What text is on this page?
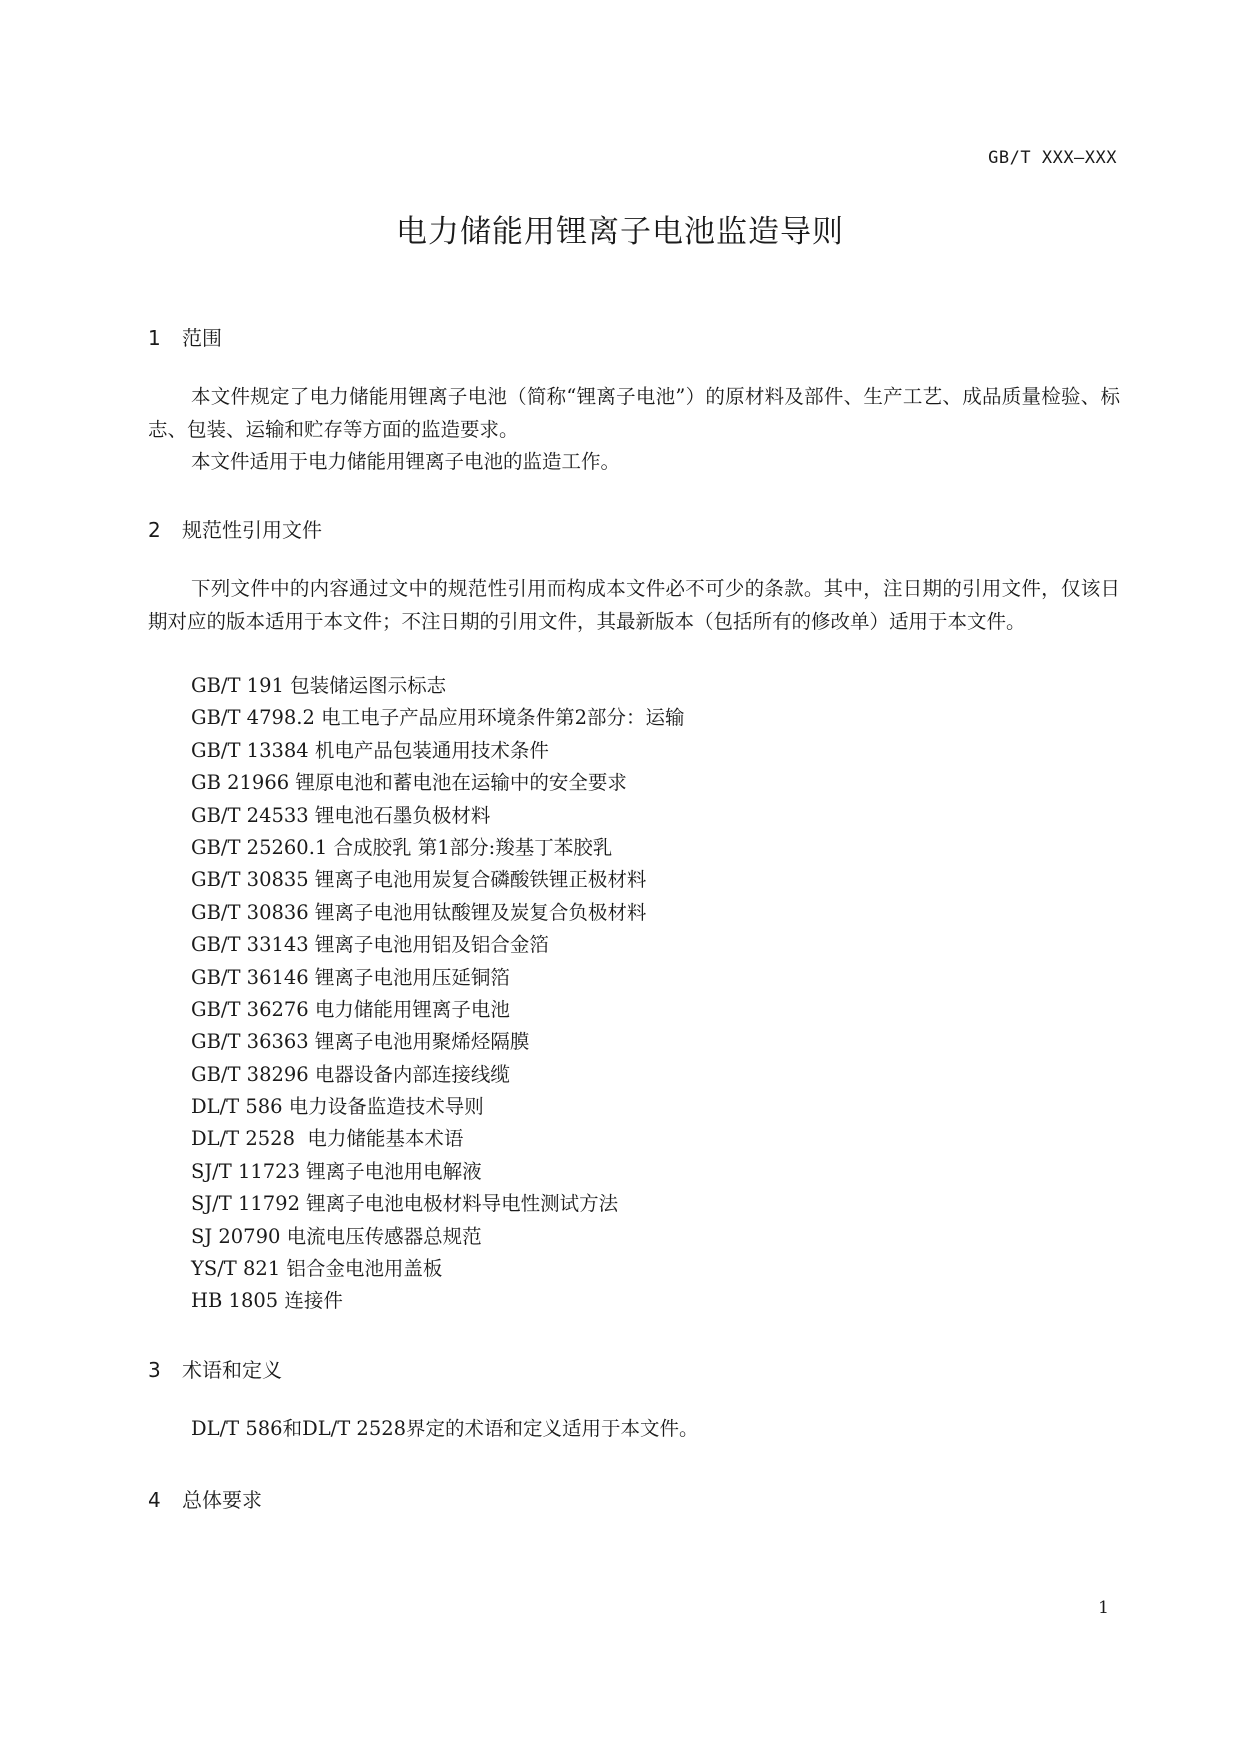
GB/T XXX—XXX
电力储能用锂离子电池监造导则
1 范围

本文件规定了电力储能用锂离子电池（简称“锂离子电池”）的原材料及部件、生产工艺、成品质量检验、标志、包装、运输和贮存等方面的监造要求。

本文件适用于电力储能用锂离子电池的监造工作。

2 规范性引用文件

下列文件中的内容通过文中的规范性引用而构成本文件必不可少的条款。其中，注日期的引用文件，仅该日期对应的版本适用于本文件；不注日期的引用文件，其最新版本（包括所有的修改单）适用于本文件。

GB/T 191 包装储运图示标志
GB/T 4798.2 电工电子产品应用环境条件第2部分：运输
GB/T 13384 机电产品包装通用技术条件
GB 21966 锂原电池和蓄电池在运输中的安全要求
GB/T 24533 锂电池石墨负极材料
GB/T 25260.1 合成胶乳 第1部分:羧基丁苯胶乳
GB/T 30835 锂离子电池用炭复合磷酸铁锂正极材料
GB/T 30836 锂离子电池用钛酸锂及炭复合负极材料
GB/T 33143 锂离子电池用铝及铝合金箔
GB/T 36146 锂离子电池用压延铜箔
GB/T 36276 电力储能用锂离子电池
GB/T 36363 锂离子电池用聚烯烃隔膜
GB/T 38296 电器设备内部连接线缆
DL/T 586 电力设备监造技术导则
DL/T 2528  电力储能基本术语
SJ/T 11723 锂离子电池用电解液
SJ/T 11792 锂离子电池电极材料导电性测试方法
SJ 20790 电流电压传感器总规范
YS/T 821 铝合金电池用盖板
HB 1805 连接件
3 术语和定义

DL/T 586和DL/T 2528界定的术语和定义适用于本文件。

4 总体要求
1
